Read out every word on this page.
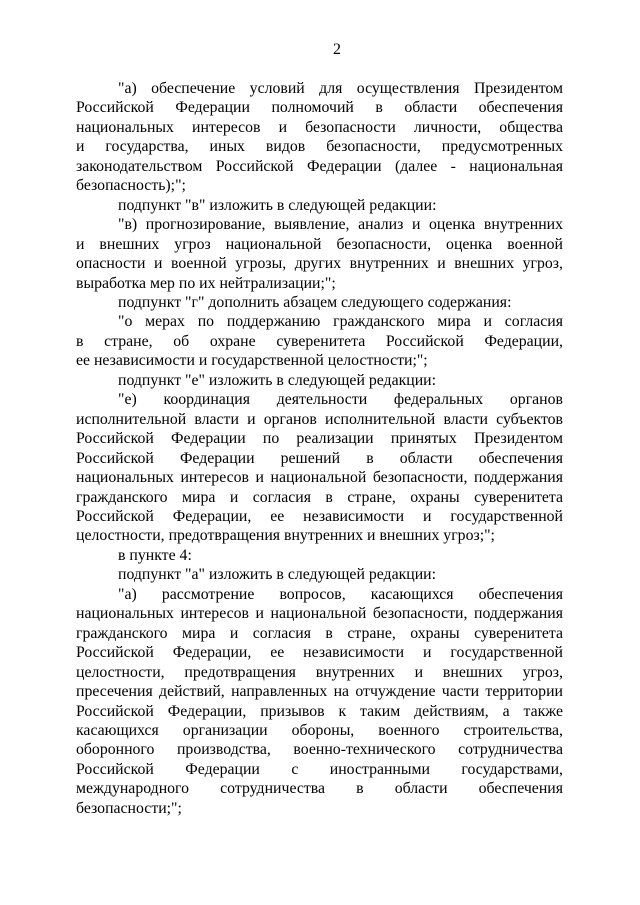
2
"а) обеспечение условий для осуществления Президентом
Российской Федерации полномочий в области обеспечения
национальных интересов и безопасности личности, общества
и государства, иных видов безопасности, предусмотренных
законодательством Российской Федерации (далее - национальная
безопасность);";
подпункт "в" изложить в следующей редакции:
"в) прогнозирование, выявление, анализ и оценка внутренних
и внешних угроз национальной безопасности, оценка военной
опасности и военной угрозы, других внутренних и внешних угроз,
выработка мер по их нейтрализации;";
подпункт "г" дополнить абзацем следующего содержания:
"о мерах по поддержанию гражданского мира и согласия
в стране, об охране суверенитета Российской Федерации,
ее независимости и государственной целостности;";
подпункт "е" изложить в следующей редакции:
"е) координация деятельности федеральных органов
исполнительной власти и органов исполнительной власти субъектов
Российской Федерации по реализации принятых Президентом
Российской Федерации решений в области обеспечения
национальных интересов и национальной безопасности, поддержания
гражданского мира и согласия в стране, охраны суверенитета
Российской Федерации, ее независимости и государственной
целостности, предотвращения внутренних и внешних угроз;";
в пункте 4:
подпункт "а" изложить в следующей редакции:
"а) рассмотрение вопросов, касающихся обеспечения
национальных интересов и национальной безопасности, поддержания
гражданского мира и согласия в стране, охраны суверенитета
Российской Федерации, ее независимости и государственной
целостности, предотвращения внутренних и внешних угроз,
пресечения действий, направленных на отчуждение части территории
Российской Федерации, призывов к таким действиям, а также
касающихся организации обороны, военного строительства,
оборонного производства, военно-технического сотрудничества
Российской Федерации с иностранными государствами,
международного сотрудничества в области обеспечения
безопасности;";
